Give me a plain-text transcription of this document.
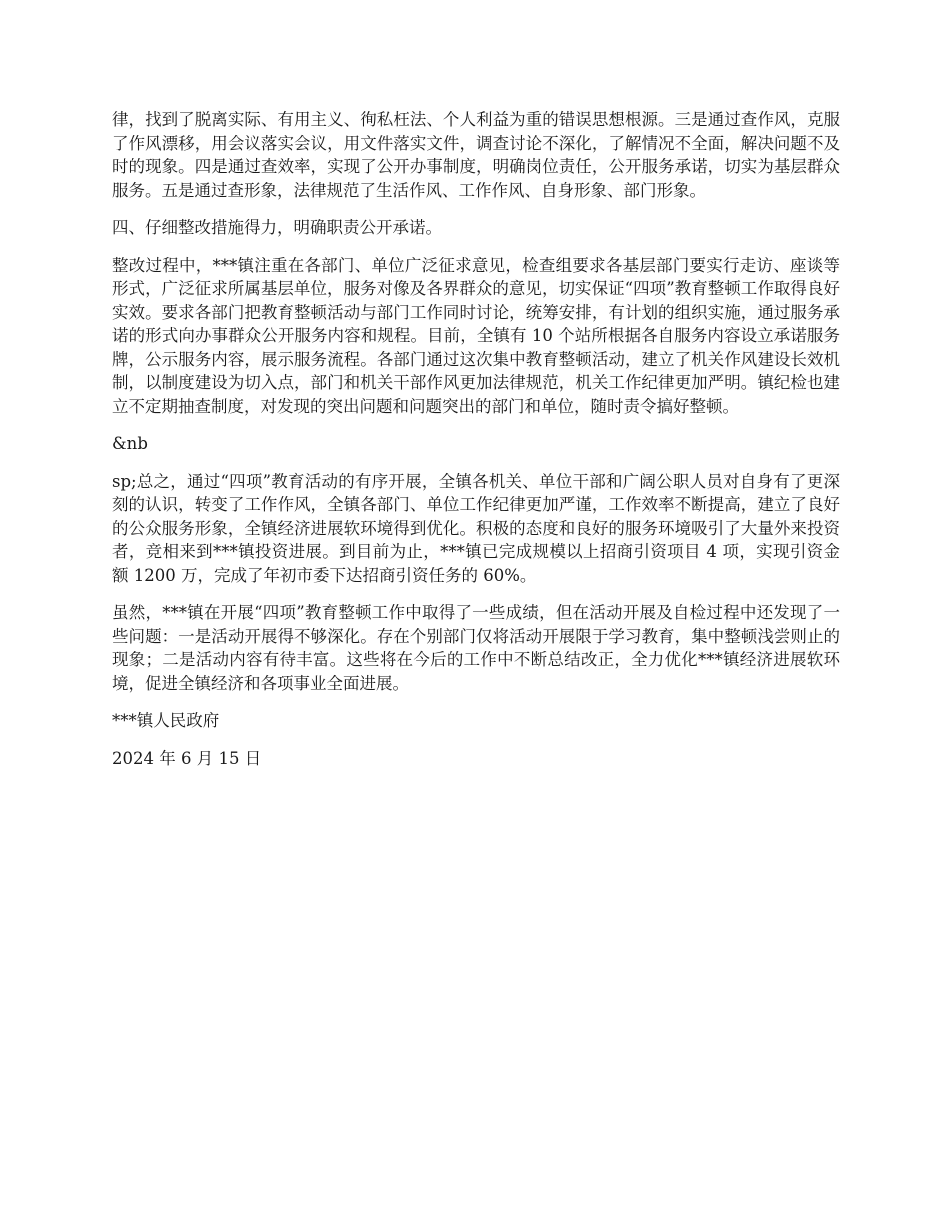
律，找到了脱离实际、有用主义、徇私枉法、个人利益为重的错误思想根源。三是通过查作风，克服了作风漂移，用会议落实会议，用文件落实文件，调查讨论不深化，了解情况不全面，解决问题不及时的现象。四是通过查效率，实现了公开办事制度，明确岗位责任，公开服务承诺，切实为基层群众服务。五是通过查形象，法律规范了生活作风、工作作风、自身形象、部门形象。

四、仔细整改措施得力，明确职责公开承诺。

整改过程中，***镇注重在各部门、单位广泛征求意见，检查组要求各基层部门要实行走访、座谈等形式，广泛征求所属基层单位，服务对像及各界群众的意见，切实保证“四项”教育整顿工作取得良好实效。要求各部门把教育整顿活动与部门工作同时讨论，统筹安排，有计划的组织实施，通过服务承诺的形式向办事群众公开服务内容和规程。目前，全镇有 10 个站所根据各自服务内容设立承诺服务牌，公示服务内容，展示服务流程。各部门通过这次集中教育整顿活动，建立了机关作风建设长效机制，以制度建设为切入点，部门和机关干部作风更加法律规范，机关工作纪律更加严明。镇纪检也建立不定期抽查制度，对发现的突出问题和问题突出的部门和单位，随时责令搞好整顿。

&nb

sp;总之，通过“四项”教育活动的有序开展，全镇各机关、单位干部和广阔公职人员对自身有了更深刻的认识，转变了工作作风，全镇各部门、单位工作纪律更加严谨，工作效率不断提高，建立了良好的公众服务形象，全镇经济进展软环境得到优化。积极的态度和良好的服务环境吸引了大量外来投资者，竞相来到***镇投资进展。到目前为止，***镇已完成规模以上招商引资项目 4 项，实现引资金额 1200 万，完成了年初市委下达招商引资任务的 60%。

虽然，***镇在开展“四项”教育整顿工作中取得了一些成绩，但在活动开展及自检过程中还发现了一些问题：一是活动开展得不够深化。存在个别部门仅将活动开展限于学习教育，集中整顿浅尝则止的现象；二是活动内容有待丰富。这些将在今后的工作中不断总结改正，全力优化***镇经济进展软环境，促进全镇经济和各项事业全面进展。

***镇人民政府

2024 年 6 月 15 日
